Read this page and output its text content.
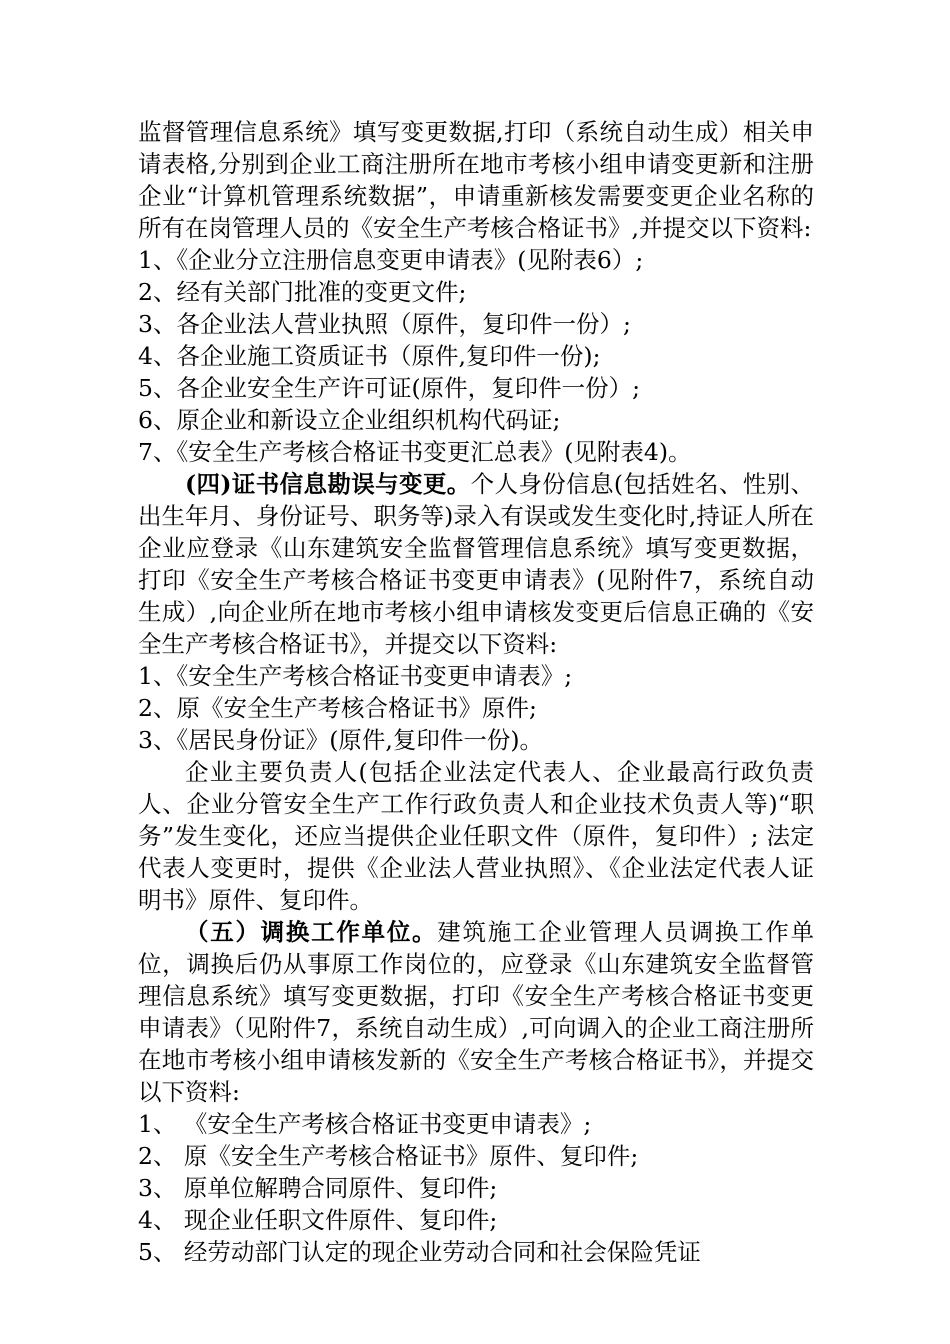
监督管理信息系统》填写变更数据,打印（系统自动生成）相关申请表格,分别到企业工商注册所在地市考核小组申请变更新和注册企业“计算机管理系统数据”，申请重新核发需要变更企业名称的所有在岗管理人员的《安全生产考核合格证书》,并提交以下资料:

1、《企业分立注册信息变更申请表》(见附表6）;

2、经有关部门批准的变更文件;

3、各企业法人营业执照（原件，复印件一份）;

4、各企业施工资质证书（原件,复印件一份);

5、各企业安全生产许可证(原件，复印件一份）;

6、原企业和新设立企业组织机构代码证;

7、《安全生产考核合格证书变更汇总表》(见附表4)。

(四)证书信息勘误与变更。个人身份信息(包括姓名、性别、出生年月、身份证号、职务等)录入有误或发生变化时,持证人所在企业应登录《山东建筑安全监督管理信息系统》填写变更数据，打印《安全生产考核合格证书变更申请表》(见附件7，系统自动生成）,向企业所在地市考核小组申请核发变更后信息正确的《安全生产考核合格证书》，并提交以下资料:

1、《安全生产考核合格证书变更申请表》;

2、原《安全生产考核合格证书》原件;

3、《居民身份证》(原件,复印件一份)。

企业主要负责人(包括企业法定代表人、企业最高行政负责人、企业分管安全生产工作行政负责人和企业技术负责人等)“职务”发生变化，还应当提供企业任职文件（原件，复印件）; 法定代表人变更时，提供《企业法人营业执照》、《企业法定代表人证明书》原件、复印件。

（五）调换工作单位。建筑施工企业管理人员调换工作单位，调换后仍从事原工作岗位的，应登录《山东建筑安全监督管理信息系统》填写变更数据，打印《安全生产考核合格证书变更申请表》（见附件7，系统自动生成）,可向调入的企业工商注册所在地市考核小组申请核发新的《安全生产考核合格证书》，并提交以下资料:

1、 《安全生产考核合格证书变更申请表》;

2、 原《安全生产考核合格证书》原件、复印件;

3、 原单位解聘合同原件、复印件;

4、 现企业任职文件原件、复印件;

5、 经劳动部门认定的现企业劳动合同和社会保险凭证
